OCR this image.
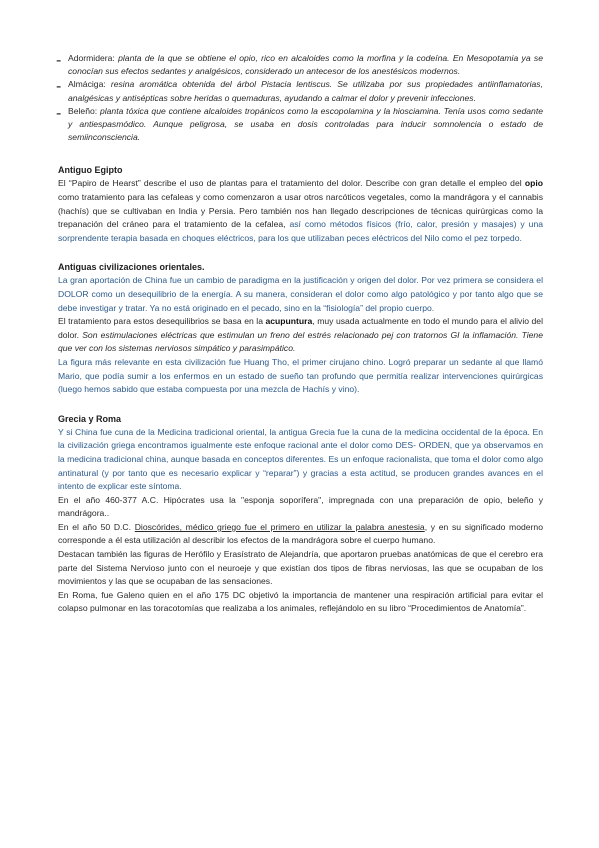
- Adormidera: planta de la que se obtiene el opio, rico en alcaloides como la morfina y la codeína. En Mesopotamia ya se conocían sus efectos sedantes y analgésicos, considerado un antecesor de los anestésicos modernos.
- Almáciga: resina aromática obtenida del árbol Pistacia lentiscus. Se utilizaba por sus propiedades antiinflamatorias, analgésicas y antisépticas sobre heridas o quemaduras, ayudando a calmar el dolor y prevenir infecciones.
- Beleño: planta tóxica que contiene alcaloides tropánicos como la escopolamina y la hiosciamina. Tenía usos como sedante y antiespasmódico. Aunque peligrosa, se usaba en dosis controladas para inducir somnolencia o estado de semiinconsciencia.
Antiguo Egipto

El “Papiro de Hearst” describe el uso de plantas para el tratamiento del dolor. Describe con gran detalle el empleo del opio como tratamiento para las cefaleas y como comenzaron a usar otros narcóticos vegetales, como la mandrágora y el cannabis (hachís) que se cultivaban en India y Persia. Pero también nos han llegado descripciones de técnicas quirúrgicas como la trepanación del cráneo para el tratamiento de la cefalea, así como métodos físicos (frío, calor, presión y masajes) y una sorprendente terapia basada en choques eléctricos, para los que utilizaban peces eléctricos del Nilo como el pez torpedo.

Antiguas civilizaciones orientales.

La gran aportación de China fue un cambio de paradigma en la justificación y origen del dolor. Por vez primera se considera el DOLOR como un desequilibrio de la energía. A su manera, consideran el dolor como algo patológico y por tanto algo que se debe investigar y tratar. Ya no está originado en el pecado, sino en la “fisiología” del propio cuerpo.

El tratamiento para estos desequilibrios se basa en la acupuntura, muy usada actualmente en todo el mundo para el alivio del dolor. Son estimulaciones eléctricas que estimulan un freno del estrés relacionado pej con tratornos GI la inflamación. Tiene que ver con los sistemas nerviosos simpático y parasimpático.

La figura más relevante en esta civilización fue Huang Tho, el primer cirujano chino. Logró preparar un sedante al que llamó Mario, que podía sumir a los enfermos en un estado de sueño tan profundo que permitía realizar intervenciones quirúrgicas (luego hemos sabido que estaba compuesta por una mezcla de Hachís y vino).

Grecia y Roma

Y si China fue cuna de la Medicina tradicional oriental, la antigua Grecia fue la cuna de la medicina occidental de la época. En la civilización griega encontramos igualmente este enfoque racional ante el dolor como DES- ORDEN, que ya observamos en la medicina tradicional china, aunque basada en conceptos diferentes. Es un enfoque racionalista, que toma el dolor como algo antinatural (y por tanto que es necesario explicar y “reparar”) y gracias a esta actitud, se producen grandes avances en el intento de explicar este síntoma.

En el año 460-377 A.C. Hipócrates usa la "esponja soporífera", impregnada con una preparación de opio, beleño y mandrágora..

En el año 50 D.C. Dioscórides, médico griego fue el primero en utilizar la palabra anestesia, y en su significado moderno corresponde a él esta utilización al describir los efectos de la mandrágora sobre el cuerpo humano.

Destacan también las figuras de Herófilo y Erasístrato de Alejandría, que aportaron pruebas anatómicas de que el cerebro era parte del Sistema Nervioso junto con el neuroeje y que existían dos tipos de fibras nerviosas, las que se ocupaban de los movimientos y las que se ocupaban de las sensaciones.

En Roma, fue Galeno quien en el año 175 DC objetivó la importancia de mantener una respiración artificial para evitar el colapso pulmonar en las toracotomías que realizaba a los animales, reflejándolo en su libro “Procedimientos de Anatomía”.
